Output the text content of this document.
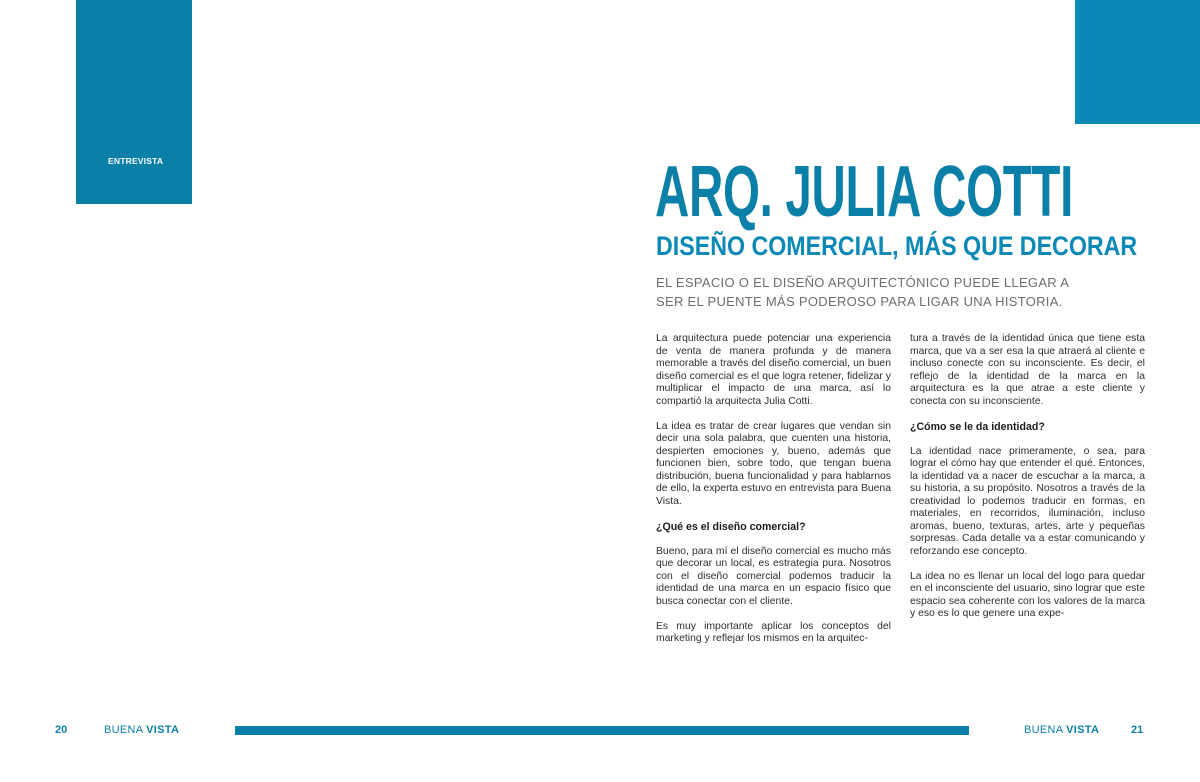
ENTREVISTA	ARQ. JULIA COTTI
DISEÑO COMERCIAL, MÁS QUE DECORAR
EL ESPACIO O EL DISEÑO ARQUITECTÓNICO PUEDE LLEGAR A
SER EL PUENTE MÁS PODEROSO PARA LIGAR UNA HISTORIA.

La arquitectura puede potenciar una experiencia de venta de manera profunda y de manera memorable a través del diseño comercial, un buen diseño comercial es el que logra retener, fidelizar y multiplicar el impacto de una marca, así lo compartió la arquitecta Julia Cotti.

La idea es tratar de crear lugares que vendan sin decir una sola palabra, que cuenten una historia, despierten emociones y, bueno, además que funcionen bien, sobre todo, que tengan buena distribución, buena funcionalidad y para hablarnos de ello, la experta estuvo en entrevista para Buena Vista.

¿Qué es el diseño comercial?

Bueno, para mí el diseño comercial es mucho más que decorar un local, es estrategia pura. Nosotros con el diseño comercial podemos traducir la identidad de una marca en un espacio físico que busca conectar con el cliente.

Es muy importante aplicar los conceptos del marketing y reflejar los mismos en la arquitec-

tura a través de la identidad única que tiene esta marca, que va a ser esa la que atraerá al cliente e incluso conecte con su inconsciente. Es decir, el reflejo de la identidad de la marca en la arquitectura es la que atrae a este cliente y conecta con su inconsciente.

¿Cómo se le da identidad?

La identidad nace primeramente, o sea, para lograr el cómo hay que entender el qué. Entonces, la identidad va a nacer de escuchar a la marca, a su historia, a su propósito. Nosotros a través de la creatividad lo podemos traducir en formas, en materiales, en recorridos, iluminación, incluso aromas, bueno, texturas, artes, arte y pequeñas sorpresas. Cada detalle va a estar comunicando y reforzando ese concepto.

La idea no es llenar un local del logo para quedar en el inconsciente del usuario, sino lograr que este espacio sea coherente con los valores de la marca y eso es lo que genere una expe-

20	BUENA VISTA	BUENA VISTA	21
